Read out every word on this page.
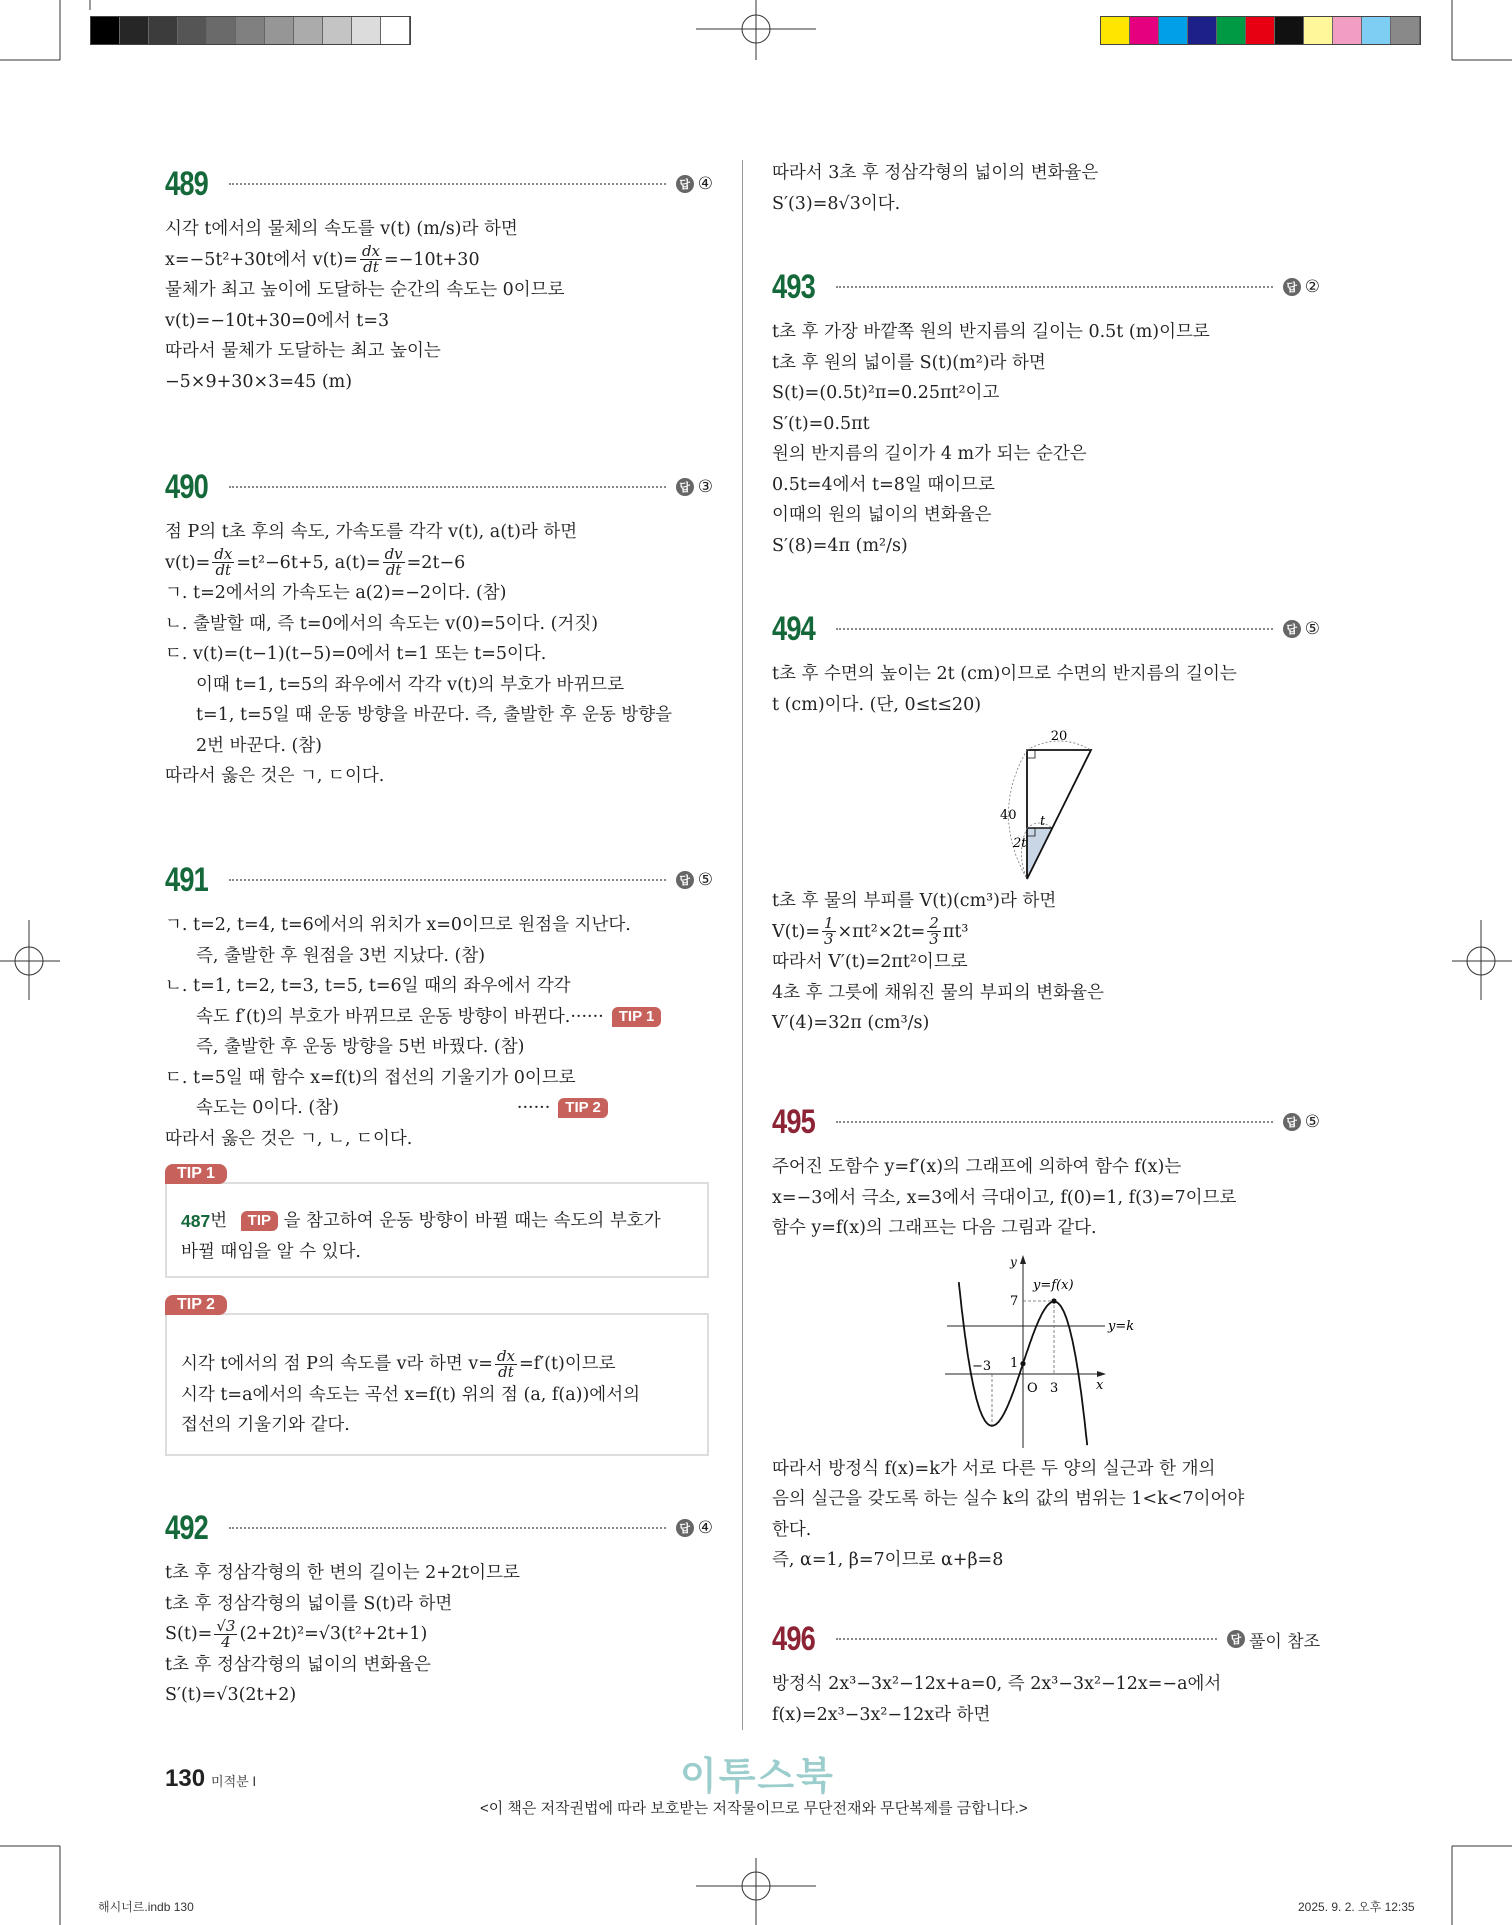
489	답 ④
시각 t에서의 물체의 속도를 v(t) (m/s)라 하면
x=−5t²+30t에서 $v(t)= \frac{dx}{dt} =-10t+30$
물체가 최고 높이에 도달하는 순간의 속도는 0이므로
v(t)=−10t+30=0에서 t=3
따라서 물체가 도달하는 최고 높이는
−5×9+30×3=45 (m)
490	답 ③
점 P의 t초 후의 속도, 가속도를 각각 v(t), a(t)라 하면
$v(t)= \frac{dx}{dt} =t^2-6t+5$, $a(t)= \frac{dv}{dt} =2t-6$
ㄱ. t=2에서의 가속도는 a(2)=−2이다. (참)
ㄴ. 출발할 때, 즉 t=0에서의 속도는 v(0)=5이다. (거짓)
ㄷ. v(t)=(t−1)(t−5)=0에서 t=1 또는 t=5이다.
이때 t=1, t=5의 좌우에서 각각 v(t)의 부호가 바뀌므로
t=1, t=5일 때 운동 방향을 바꾼다. 즉, 출발한 후 운동 방향을
2번 바꾼다. (참)
따라서 옳은 것은 ㄱ, ㄷ이다.
491	답 ⑤
ㄱ. t=2, t=4, t=6에서의 위치가 x=0이므로 원점을 지난다.
즉, 출발한 후 원점을 3번 지났다. (참)
ㄴ. t=1, t=2, t=3, t=5, t=6일 때의 좌우에서 각각
속도 f′(t)의 부호가 바뀌므로 운동 방향이 바뀐다.······	TIP 1
즉, 출발한 후 운동 방향을 5번 바꿨다. (참)
ㄷ. t=5일 때 함수 x=f(t)의 접선의 기울기가 0이므로
속도는 0이다. (참)                                ······	TIP 2
따라서 옳은 것은 ㄱ, ㄴ, ㄷ이다.
TIP 1
487 번	TIP 을 참고하여 운동 방향이 바뀔 때는 속도의 부호가
바뀔 때임을 알 수 있다.
TIP 2
시각 t에서의 점 P의 속도를 v라 하면 $v= \frac{dx}{dt} =f'(t)$이므로
시각 t=a에서의 속도는 곡선 x=f(t) 위의 점 (a, f(a))에서의
접선의 기울기와 같다.
492	답 ④
t초 후 정삼각형의 한 변의 길이는 2+2t이므로
t초 후 정삼각형의 넓이를 S(t)라 하면
$S(t)= \frac{√3}{4} (2+2t)^2=√3(t^2+2t+1)$
t초 후 정삼각형의 넓이의 변화율은
S′(t)=√3(2t+2)
따라서 3초 후 정삼각형의 넓이의 변화율은
S′(3)=8√3이다.
493	답 ②
t초 후 가장 바깥쪽 원의 반지름의 길이는 0.5t (m)이므로
t초 후 원의 넓이를 S(t)(m²)라 하면
S(t)=(0.5t)²π=0.25πt²이고
S′(t)=0.5πt
원의 반지름의 길이가 4 m가 되는 순간은
0.5t=4에서 t=8일 때이므로
이때의 원의 넓이의 변화율은
S′(8)=4π (m²/s)
494	답 ⑤
t초 후 수면의 높이는 2t (cm)이므로 수면의 반지름의 길이는
t (cm)이다. (단, 0≤t≤20)
20
40 t
2t
t초 후 물의 부피를 V(t)(cm³)라 하면
$V(t)= \frac{1}{3} \times\pi t^2\times 2t= \frac{2}{3} \pi t^3$
따라서 V′(t)=2πt²이므로
4초 후 그릇에 채워진 물의 부피의 변화율은
V′(4)=32π (cm³/s)
495	답 ⑤
주어진 도함수 y=f′(x)의 그래프에 의하여 함수 f(x)는
x=−3에서 극소, x=3에서 극대이고, f(0)=1, f(3)=7이므로
함수 y=f(x)의 그래프는 다음 그림과 같다.
y
x
O 3
−3 1
7
y=f(x)
y=k
따라서 방정식 f(x)=k가 서로 다른 두 양의 실근과 한 개의
음의 실근을 갖도록 하는 실수 k의 값의 범위는 1<k<7이어야
한다.
즉, α=1, β=7이므로 α+β=8
496	답 풀이 참조
방정식 2x³−3x²−12x+a=0, 즉 2x³−3x²−12x=−a에서
f(x)=2x³−3x²−12x라 하면
130 미적분 Ⅰ	이투스북
<이 책은 저작권법에 따라 보호받는 저작물이므로 무단전재와 무단복제를 금합니다.>
해시너르.indb 130	2025. 9. 2. 오후 12:35
